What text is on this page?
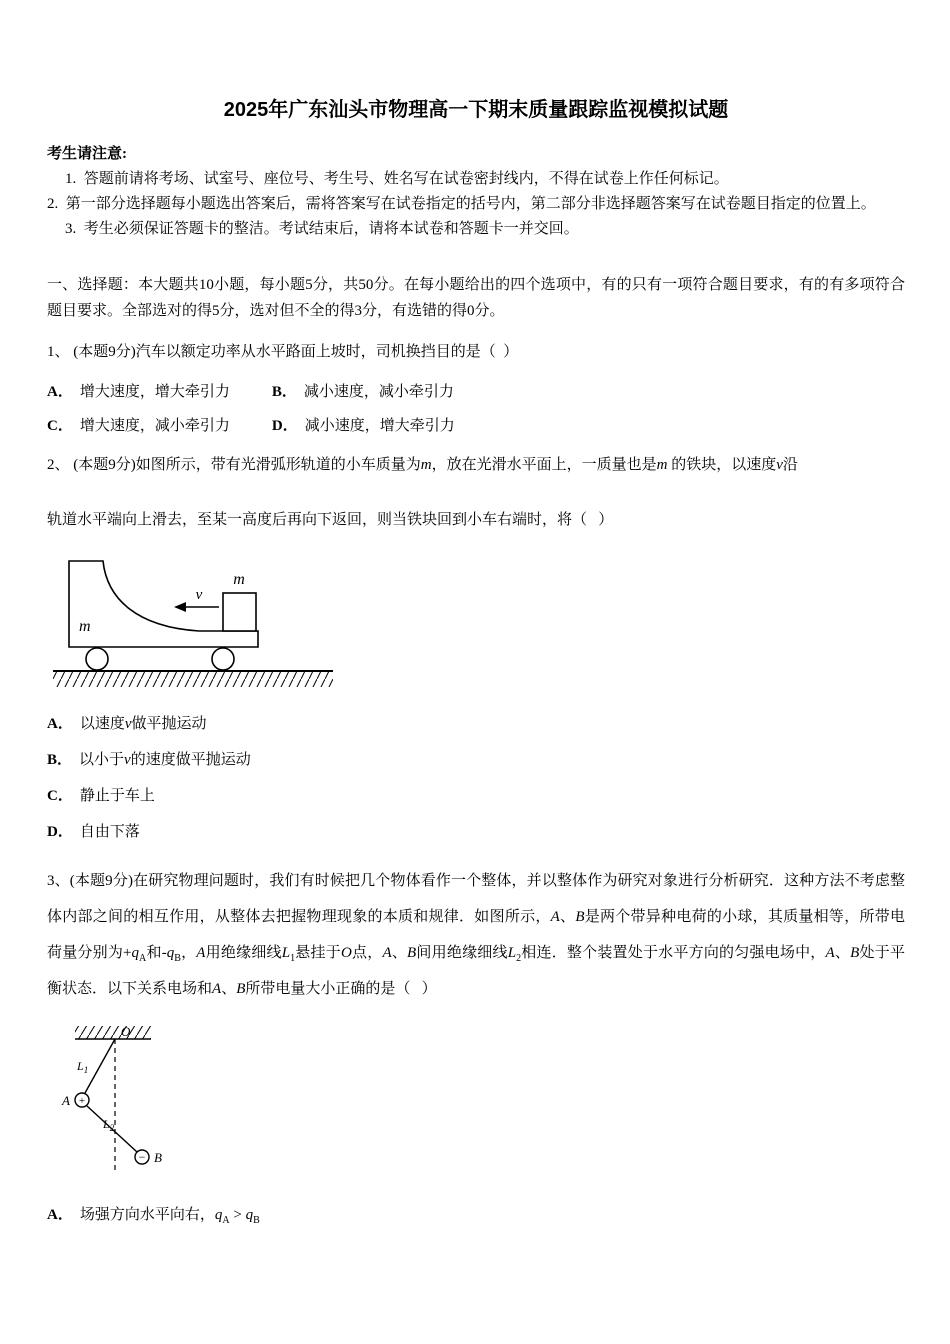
2025年广东汕头市物理高一下期末质量跟踪监视模拟试题
考生请注意:
1.  答题前请将考场、试室号、座位号、考生号、姓名写在试卷密封线内，不得在试卷上作任何标记。
2.  第一部分选择题每小题选出答案后，需将答案写在试卷指定的括号内，第二部分非选择题答案写在试卷题目指定的位置上。
3.  考生必须保证答题卡的整洁。考试结束后，请将本试卷和答题卡一并交回。

一、选择题：本大题共10小题，每小题5分，共50分。在每小题给出的四个选项中，有的只有一项符合题目要求，有的有多项符合题目要求。全部选对的得5分，选对但不全的得3分，有选错的得0分。

1、 (本题9分)汽车以额定功率从水平路面上坡时，司机换挡目的是（  ）

A． 增大速度，增大牵引力	B． 减小速度，减小牵引力
C． 增大速度，减小牵引力	D． 减小速度，增大牵引力

2、 (本题9分)如图所示，带有光滑弧形轨道的小车质量为m，放在光滑水平面上，一质量也是m 的铁块，以速度v沿

轨道水平端向上滑去，至某一高度后再向下返回，则当铁块回到小车右端时，将（   ）

m
m
v
A． 以速度v做平抛运动
B． 以小于v的速度做平抛运动
C． 静止于车上
D． 自由下落

3、(本题9分)在研究物理问题时，我们有时候把几个物体看作一个整体，并以整体作为研究对象进行分析研究．这种方法不考虑整体内部之间的相互作用，从整体去把握物理现象的本质和规律．如图所示，A、B是两个带异种电荷的小球，其质量相等，所带电荷量分别为$+q_A$和$-q_B$，A用绝缘细线$L_1$悬挂于O点，A、B间用绝缘细线$L_2$相连．整个装置处于水平方向的匀强电场中，A、B处于平衡状态．以下关系电场和A、B所带电量大小正确的是（   ）

O
$L_1$
+
A
$L_2$
− B
A． 场强方向水平向右，$q_A > q_B$
